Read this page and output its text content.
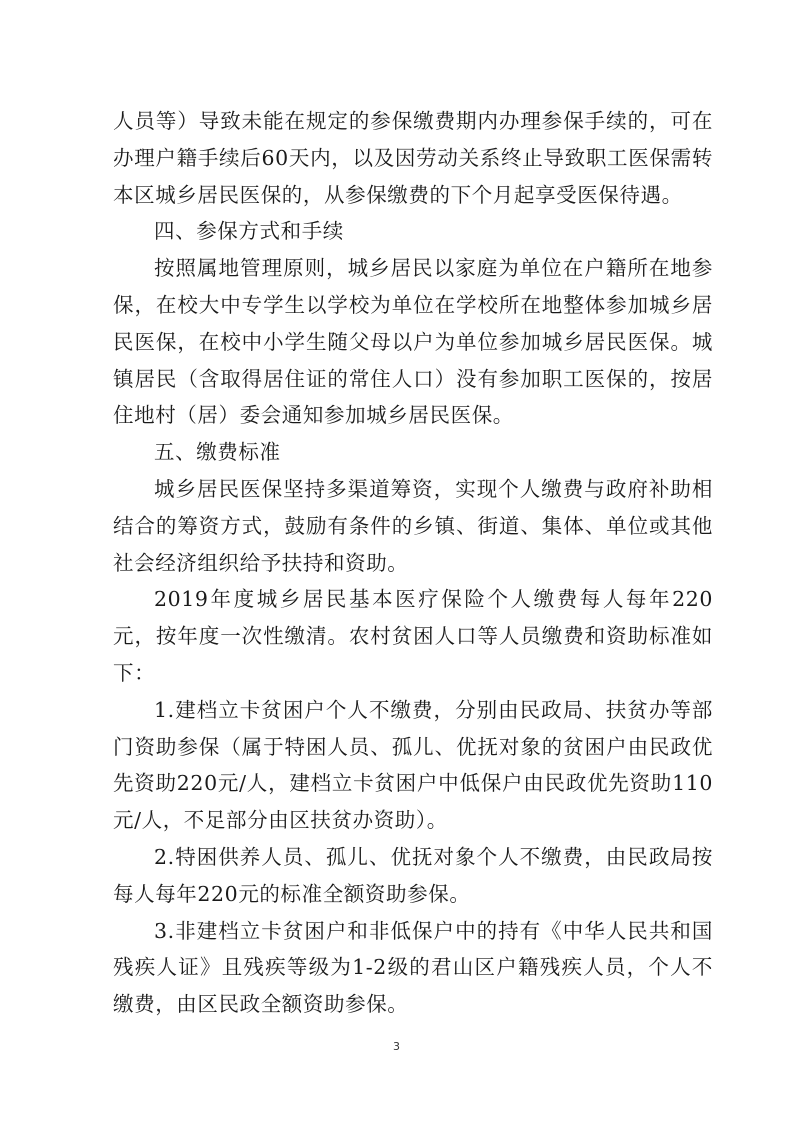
人员等）导致未能在规定的参保缴费期内办理参保手续的，可在办理户籍手续后60天内，以及因劳动关系终止导致职工医保需转本区城乡居民医保的，从参保缴费的下个月起享受医保待遇。

四、参保方式和手续

按照属地管理原则，城乡居民以家庭为单位在户籍所在地参保，在校大中专学生以学校为单位在学校所在地整体参加城乡居民医保，在校中小学生随父母以户为单位参加城乡居民医保。城镇居民（含取得居住证的常住人口）没有参加职工医保的，按居住地村（居）委会通知参加城乡居民医保。

五、缴费标准

城乡居民医保坚持多渠道筹资，实现个人缴费与政府补助相结合的筹资方式，鼓励有条件的乡镇、街道、集体、单位或其他社会经济组织给予扶持和资助。

2019年度城乡居民基本医疗保险个人缴费每人每年220元，按年度一次性缴清。农村贫困人口等人员缴费和资助标准如下：

1.建档立卡贫困户个人不缴费，分别由民政局、扶贫办等部门资助参保（属于特困人员、孤儿、优抚对象的贫困户由民政优先资助220元/人，建档立卡贫困户中低保户由民政优先资助110元/人，不足部分由区扶贫办资助）。

2.特困供养人员、孤儿、优抚对象个人不缴费，由民政局按每人每年220元的标准全额资助参保。

3.非建档立卡贫困户和非低保户中的持有《中华人民共和国残疾人证》且残疾等级为1-2级的君山区户籍残疾人员，个人不缴费，由区民政全额资助参保。

3
